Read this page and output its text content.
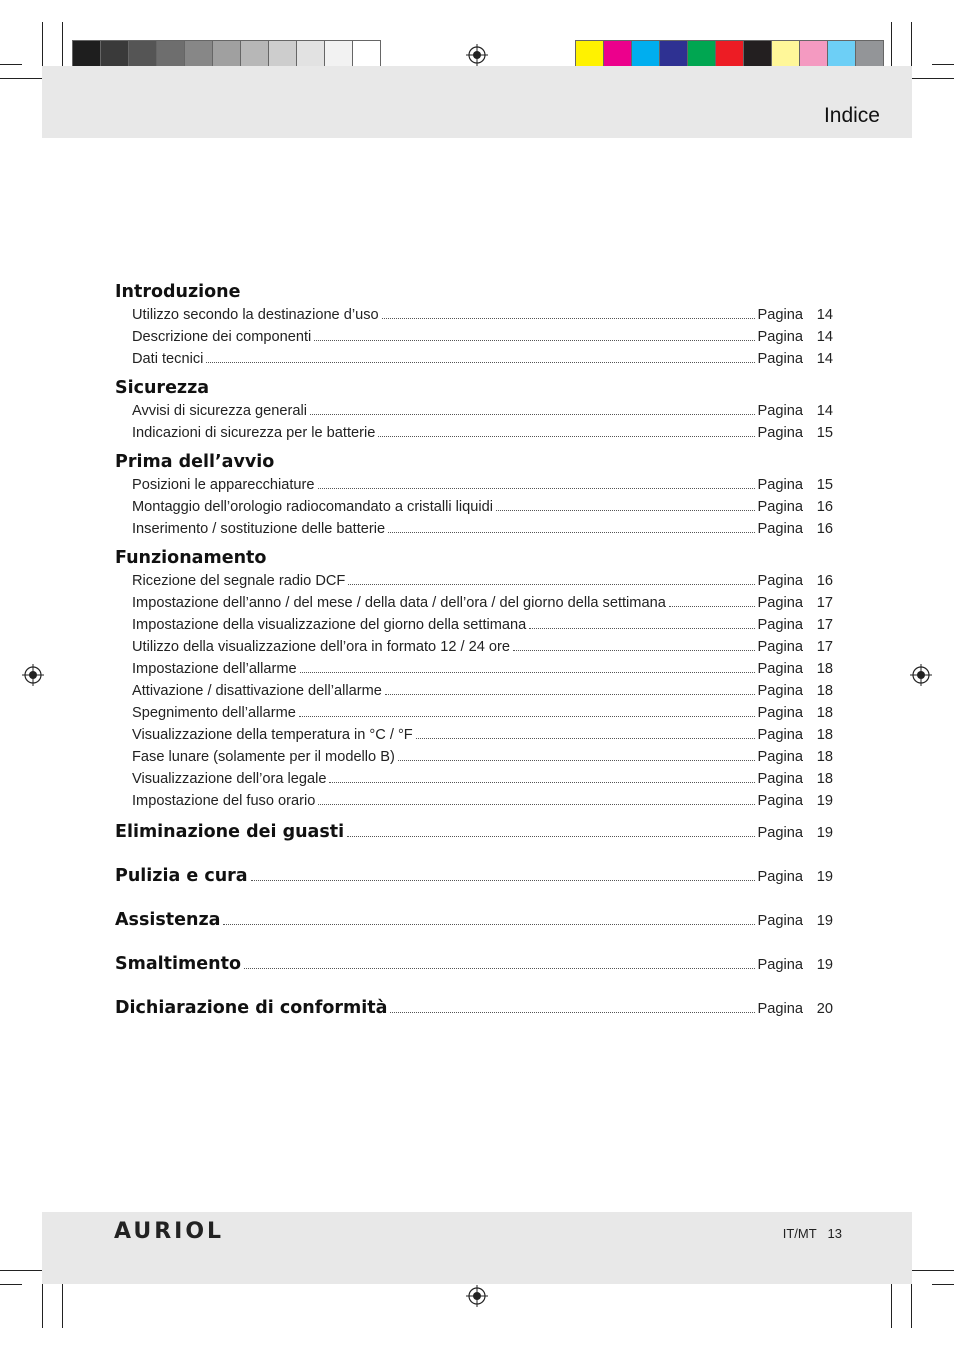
Indice
Introduzione
Utilizzo secondo la destinazione d’uso	Pagina 14
Descrizione dei componenti	Pagina 14
Dati tecnici	Pagina 14
Sicurezza
Avvisi di sicurezza generali	Pagina 14
Indicazioni di sicurezza per le batterie	Pagina 15
Prima dell’avvio
Posizioni le apparecchiature	Pagina 15
Montaggio dell’orologio radiocomandato a cristalli liquidi	Pagina 16
Inserimento / sostituzione delle batterie	Pagina 16
Funzionamento
Ricezione del segnale radio DCF	Pagina 16
Impostazione dell’anno / del mese / della data / dell’ora / del giorno della settimana	Pagina 17
Impostazione della visualizzazione del giorno della settimana	Pagina 17
Utilizzo della visualizzazione dell’ora in formato 12 / 24 ore	Pagina 17
Impostazione dell’allarme	Pagina 18
Attivazione / disattivazione dell’allarme	Pagina 18
Spegnimento dell’allarme	Pagina 18
Visualizzazione della temperatura in °C / °F	Pagina 18
Fase lunare (solamente per il modello B)	Pagina 18
Visualizzazione dell’ora legale	Pagina 18
Impostazione del fuso orario	Pagina 19
Eliminazione dei guasti	Pagina 19
Pulizia e cura	Pagina 19
Assistenza	Pagina 19
Smaltimento	Pagina 19
Dichiarazione di conformità	Pagina 20
AURIOL	IT/MT 13
